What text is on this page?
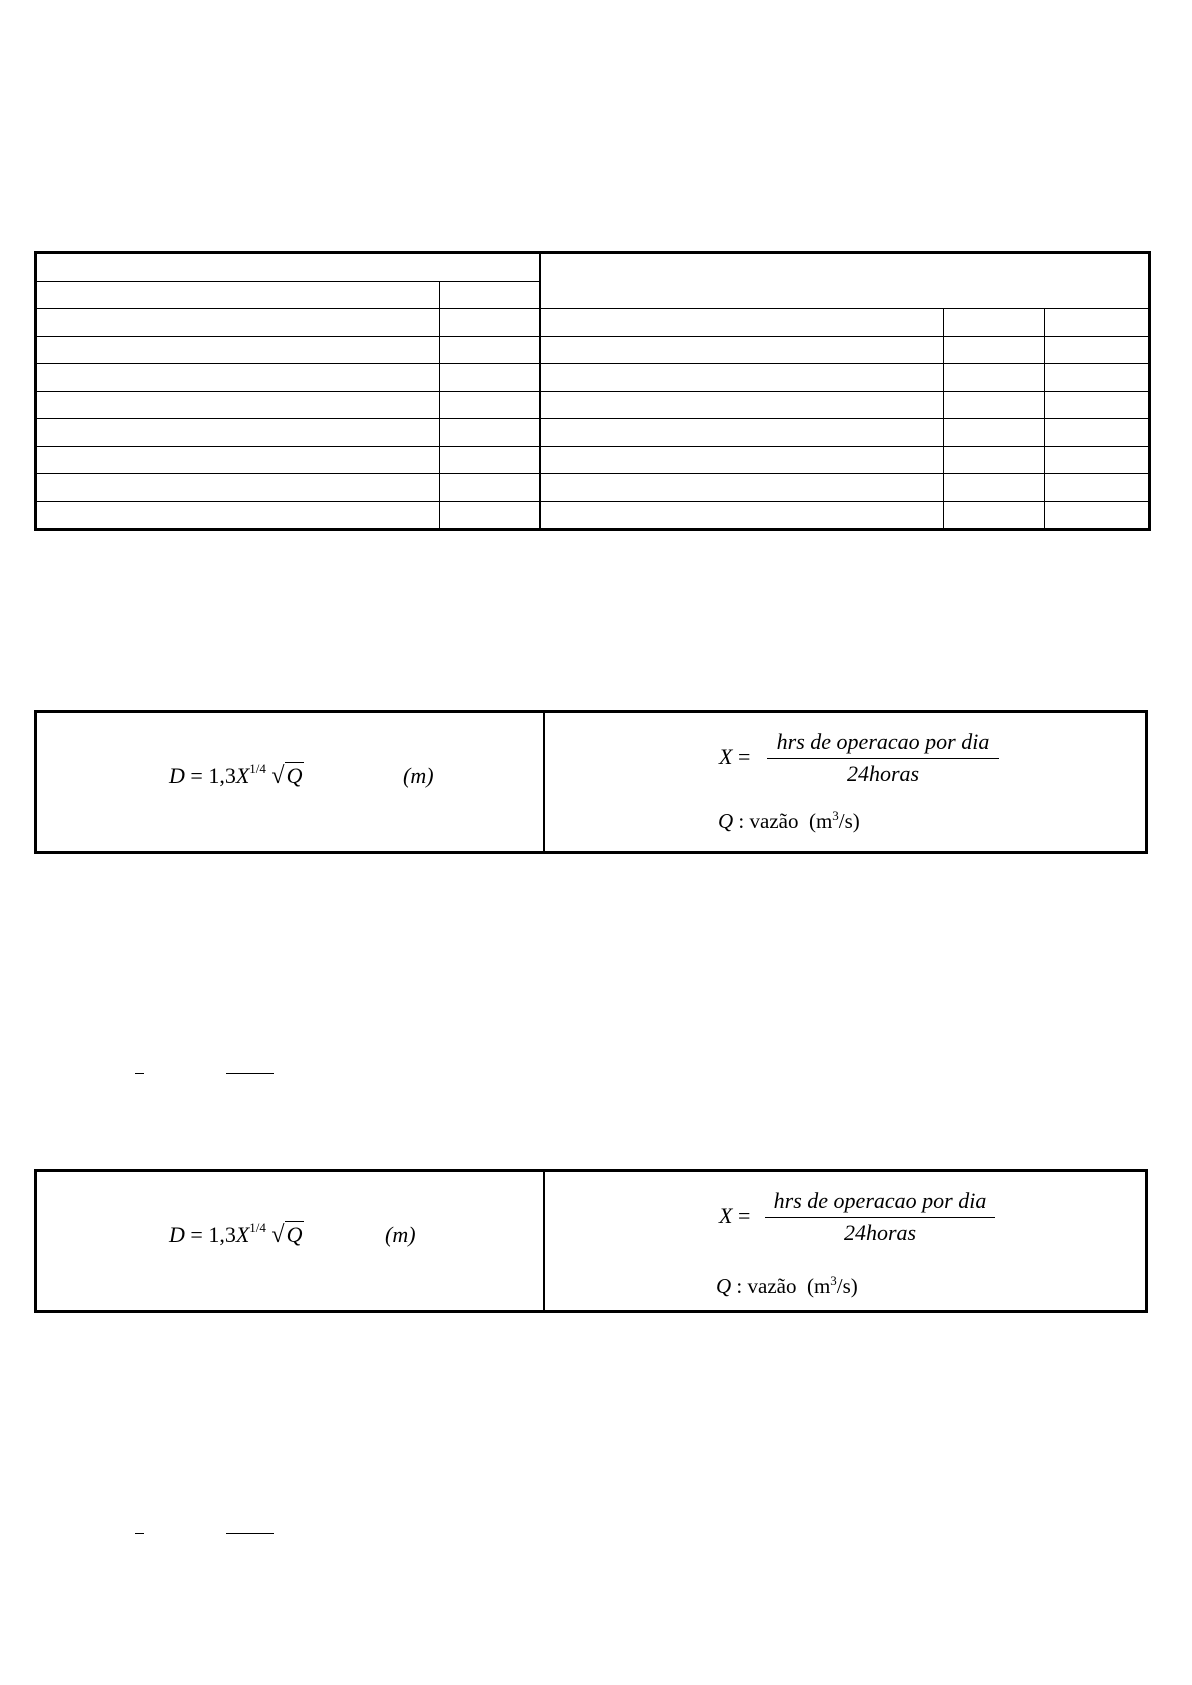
$D = 1,3X^{1/4}$ √Q	(m)
X =
hrs de operacao por dia
24horas
Q : vazão $(m^3/s)$
$D = 1,3X^{1/4}$ √Q	(m)
X =
hrs de operacao por dia
24horas
Q : vazão $(m^3/s)$
